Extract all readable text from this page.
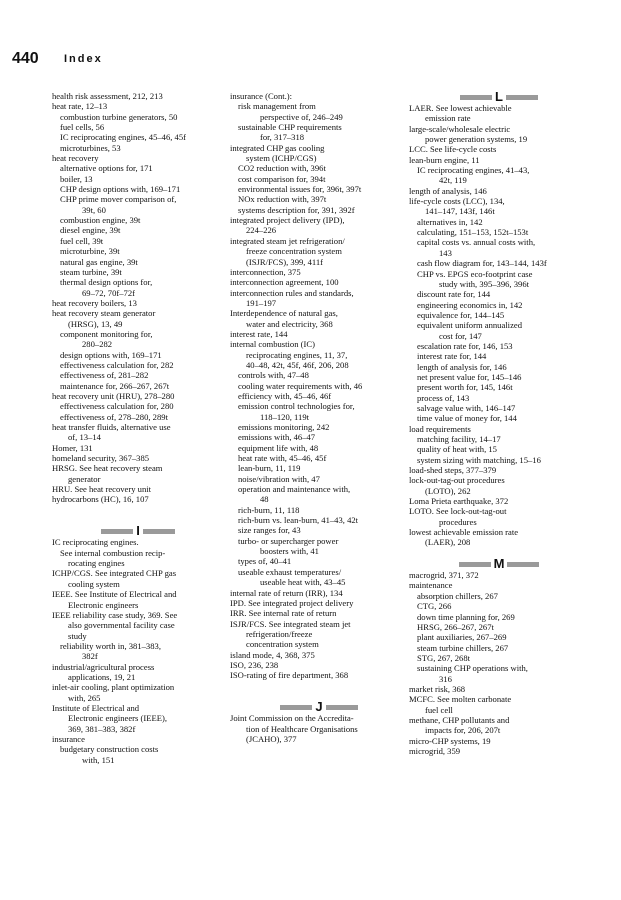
440 Index

health risk assessment, 212, 213

heat rate, 12–13

combustion turbine generators, 50

fuel cells, 56

IC reciprocating engines, 45–46, 45f

microturbines, 53

heat recovery

alternative options for, 171

boiler, 13

CHP design options with, 169–171

CHP prime mover comparison of,

39t, 60

combustion engine, 39t

diesel engine, 39t

fuel cell, 39t

microturbine, 39t

natural gas engine, 39t

steam turbine, 39t

thermal design options for,

69–72, 70f–72f

heat recovery boilers, 13

heat recovery steam generator

(HRSG), 13, 49

component monitoring for,

280–282

design options with, 169–171

effectiveness calculation for, 282

effectiveness of, 281–282

maintenance for, 266–267, 267t

heat recovery unit (HRU), 278–280

effectiveness calculation for, 280

effectiveness of, 278–280, 289t

heat transfer fluids, alternative use

of, 13–14

Homer, 131

homeland security, 367–385

HRSG. See heat recovery steam

generator

HRU. See heat recovery unit

hydrocarbons (HC), 16, 107

I

IC reciprocating engines.

See internal combustion recip-

rocating engines

ICHP/CGS. See integrated CHP gas

cooling system

IEEE. See Institute of Electrical and

Electronic engineers

IEEE reliability case study, 369. See

also governmental facility case

study

reliability worth in, 381–383,

382f

industrial/agricultural process

applications, 19, 21

inlet-air cooling, plant optimization

with, 265

Institute of Electrical and

Electronic engineers (IEEE),

369, 381–383, 382f

insurance

budgetary construction costs

with, 151

insurance (Cont.):

risk management from

perspective of, 246–249

sustainable CHP requirements

for, 317–318

integrated CHP gas cooling

system (ICHP/CGS)

CO2 reduction with, 396t

cost comparison for, 394t

environmental issues for, 396t, 397t

NOx reduction with, 397t

systems description for, 391, 392f

integrated project delivery (IPD),

224–226

integrated steam jet refrigeration/

freeze concentration system

(ISJR/FCS), 399, 411f

interconnection, 375

interconnection agreement, 100

interconnection rules and standards,

191–197

Interdependence of natural gas,

water and electricity, 368

interest rate, 144

internal combustion (IC)

reciprocating engines, 11, 37,

40–48, 42t, 45f, 46f, 206, 208

controls with, 47–48

cooling water requirements with, 46

efficiency with, 45–46, 46f

emission control technologies for,

118–120, 119t

emissions monitoring, 242

emissions with, 46–47

equipment life with, 48

heat rate with, 45–46, 45f

lean-burn, 11, 119

noise/vibration with, 47

operation and maintenance with,

48

rich-burn, 11, 118

rich-burn vs. lean-burn, 41–43, 42t

size ranges for, 43

turbo- or supercharger power

boosters with, 41

types of, 40–41

useable exhaust temperatures/

useable heat with, 43–45

internal rate of return (IRR), 134

IPD. See integrated project delivery

IRR. See internal rate of return

ISJR/FCS. See integrated steam jet

refrigeration/freeze

concentration system

island mode, 4, 368, 375

ISO, 236, 238

ISO-rating of fire department, 368

J

Joint Commission on the Accredita-

tion of Healthcare Organisations

(JCAHO), 377

L

LAER. See lowest achievable

emission rate

large-scale/wholesale electric

power generation systems, 19

LCC. See life-cycle costs

lean-burn engine, 11

IC reciprocating engines, 41–43,

42t, 119

length of analysis, 146

life-cycle costs (LCC), 134,

141–147, 143f, 146t

alternatives in, 142

calculating, 151–153, 152t–153t

capital costs vs. annual costs with,

143

cash flow diagram for, 143–144, 143f

CHP vs. EPGS eco-footprint case

study with, 395–396, 396t

discount rate for, 144

engineering economics in, 142

equivalence for, 144–145

equivalent uniform annualized

cost for, 147

escalation rate for, 146, 153

interest rate for, 144

length of analysis for, 146

net present value for, 145–146

present worth for, 145, 146t

process of, 143

salvage value with, 146–147

time value of money for, 144

load requirements

matching facility, 14–17

quality of heat with, 15

system sizing with matching, 15–16

load-shed steps, 377–379

lock-out-tag-out procedures

(LOTO), 262

Loma Prieta earthquake, 372

LOTO. See lock-out-tag-out

procedures

lowest achievable emission rate

(LAER), 208

M

macrogrid, 371, 372

maintenance

absorption chillers, 267

CTG, 266

down time planning for, 269

HRSG, 266–267, 267t

plant auxiliaries, 267–269

steam turbine chillers, 267

STG, 267, 268t

sustaining CHP operations with,

316

market risk, 368

MCFC. See molten carbonate

fuel cell

methane, CHP pollutants and

impacts for, 206, 207t

micro-CHP systems, 19

microgrid, 359
